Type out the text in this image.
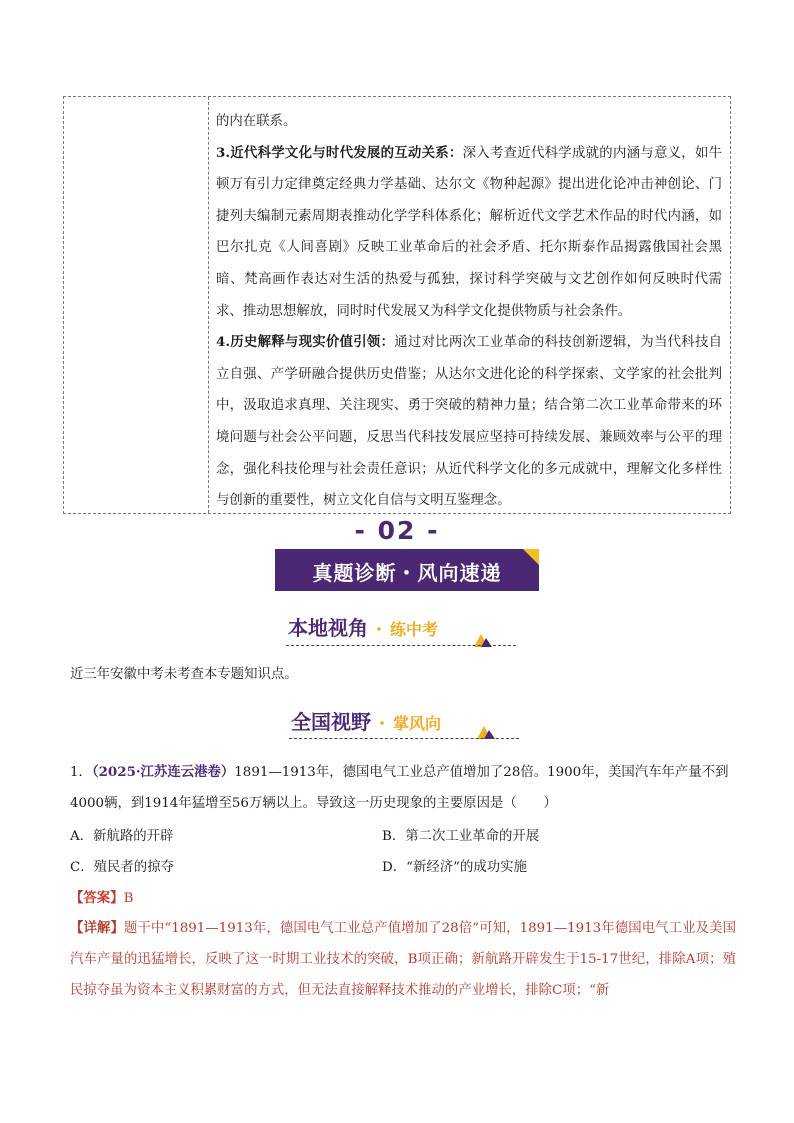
的内在联系。

3.近代科学文化与时代发展的互动关系：深入考查近代科学成就的内涵与意义，如牛顿万有引力定律奠定经典力学基础、达尔文《物种起源》提出进化论冲击神创论、门捷列夫编制元素周期表推动化学学科体系化；解析近代文学艺术作品的时代内涵，如巴尔扎克《人间喜剧》反映工业革命后的社会矛盾、托尔斯泰作品揭露俄国社会黑暗、梵高画作表达对生活的热爱与孤独，探讨科学突破与文艺创作如何反映时代需求、推动思想解放，同时时代发展又为科学文化提供物质与社会条件。

4.历史解释与现实价值引领：通过对比两次工业革命的科技创新逻辑，为当代科技自立自强、产学研融合提供历史借鉴；从达尔文进化论的科学探索、文学家的社会批判中，汲取追求真理、关注现实、勇于突破的精神力量；结合第二次工业革命带来的环境问题与社会公平问题，反思当代科技发展应坚持可持续发展、兼顾效率与公平的理念，强化科技伦理与社会责任意识；从近代科学文化的多元成就中，理解文化多样性与创新的重要性，树立文化自信与文明互鉴理念。

- 02 -
真题诊断・风向速递
本地视角 ・ 练中考
近三年安徽中考未考查本专题知识点。
全国视野 ・ 掌风向
1．（2025·江苏连云港卷）1891—1913年，德国电气工业总产值增加了28倍。1900年，美国汽车年产量不到4000辆，到1914年猛增至56万辆以上。导致这一历史现象的主要原因是（　　）
A．新航路的开辟	B．第二次工业革命的开展
C．殖民者的掠夺	D．“新经济”的成功实施
【答案】B
【详解】题干中“1891—1913年，德国电气工业总产值增加了28倍”可知，1891—1913年德国电气工业及美国汽车产量的迅猛增长，反映了这一时期工业技术的突破，B项正确；新航路开辟发生于15-17世纪，排除A项；殖民掠夺虽为资本主义积累财富的方式，但无法直接解释技术推动的产业增长，排除C项；“新
